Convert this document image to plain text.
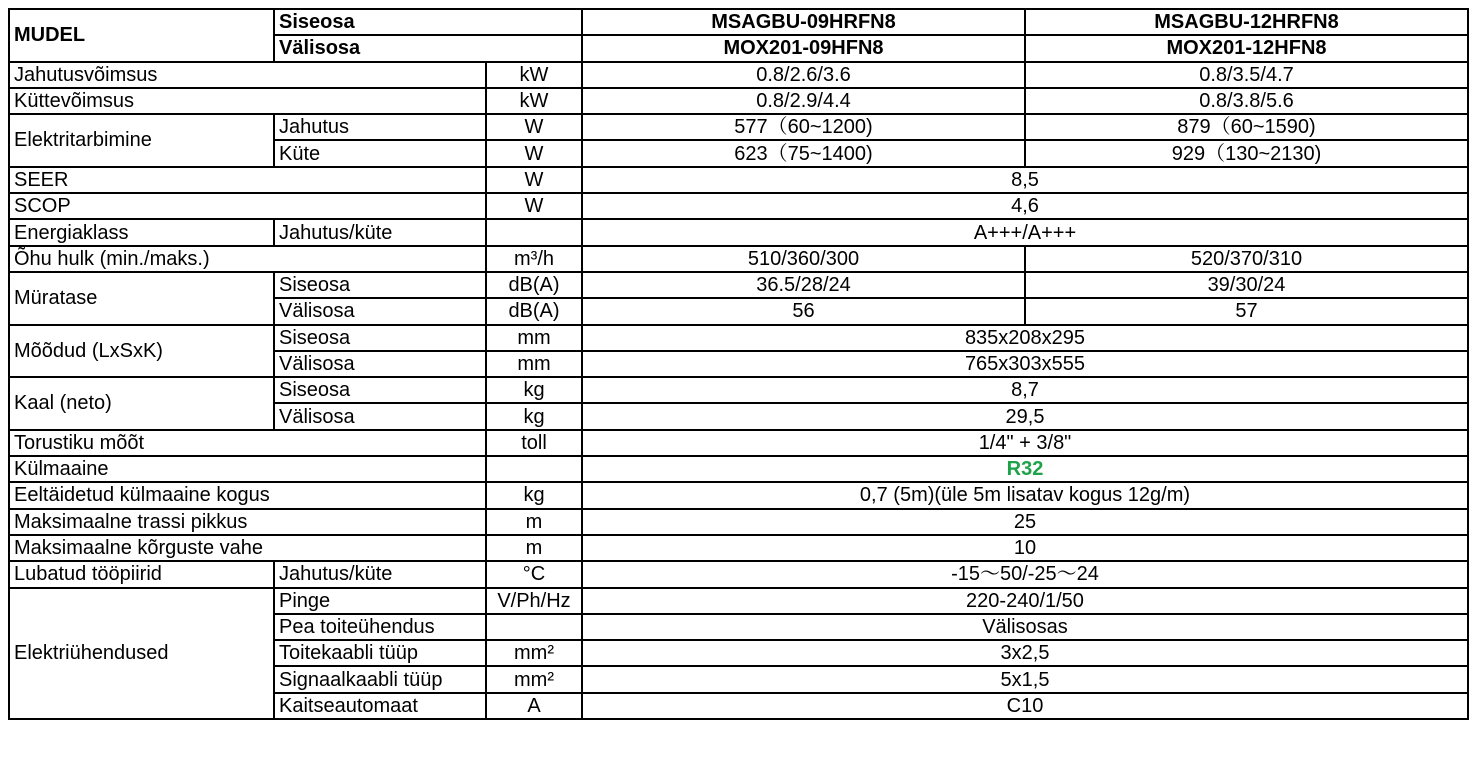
MUDEL	Siseosa		MSAGBU-09HRFN8	MSAGBU-12HRFN8
	Välisosa		MOX201-09HFN8	MOX201-12HFN8
Jahutusvõimsus		kW	0.8/2.6/3.6	0.8/3.5/4.7
Küttevõimsus		kW	0.8/2.9/4.4	0.8/3.8/5.6
Elektritarbimine	Jahutus	W	577（60~1200)	879（60~1590)
	Küte	W	623（75~1400)	929（130~2130)
SEER		W	8,5	
SCOP		W	4,6	
Energiaklass	Jahutus/küte		A+++/A+++	
Õhu hulk (min./maks.)		m³/h	510/360/300	520/370/310
Müratase	Siseosa	dB(A)	36.5/28/24	39/30/24
	Välisosa	dB(A)	56	57
Mõõdud (LxSxK)	Siseosa	mm	835x208x295	
	Välisosa	mm	765x303x555	
Kaal (neto)	Siseosa	kg	8,7	
	Välisosa	kg	29,5	
Torustiku mõõt		toll	1/4" + 3/8"	
Külmaaine			R32	
Eeltäidetud külmaaine kogus		kg	0,7 (5m)(üle 5m lisatav kogus 12g/m)	
Maksimaalne trassi pikkus		m	25	
Maksimaalne kõrguste vahe		m	10	
Lubatud tööpiirid	Jahutus/küte	°C	-15～50/-25～24	
Elektriühendused	Pinge	V/Ph/Hz	220-240/1/50	
	Pea toiteühendus		Välisosas	
	Toitekaabli tüüp	mm²	3x2,5	
	Signaalkaabli tüüp	mm²	5x1,5	
	Kaitseautomaat	A	C10	
